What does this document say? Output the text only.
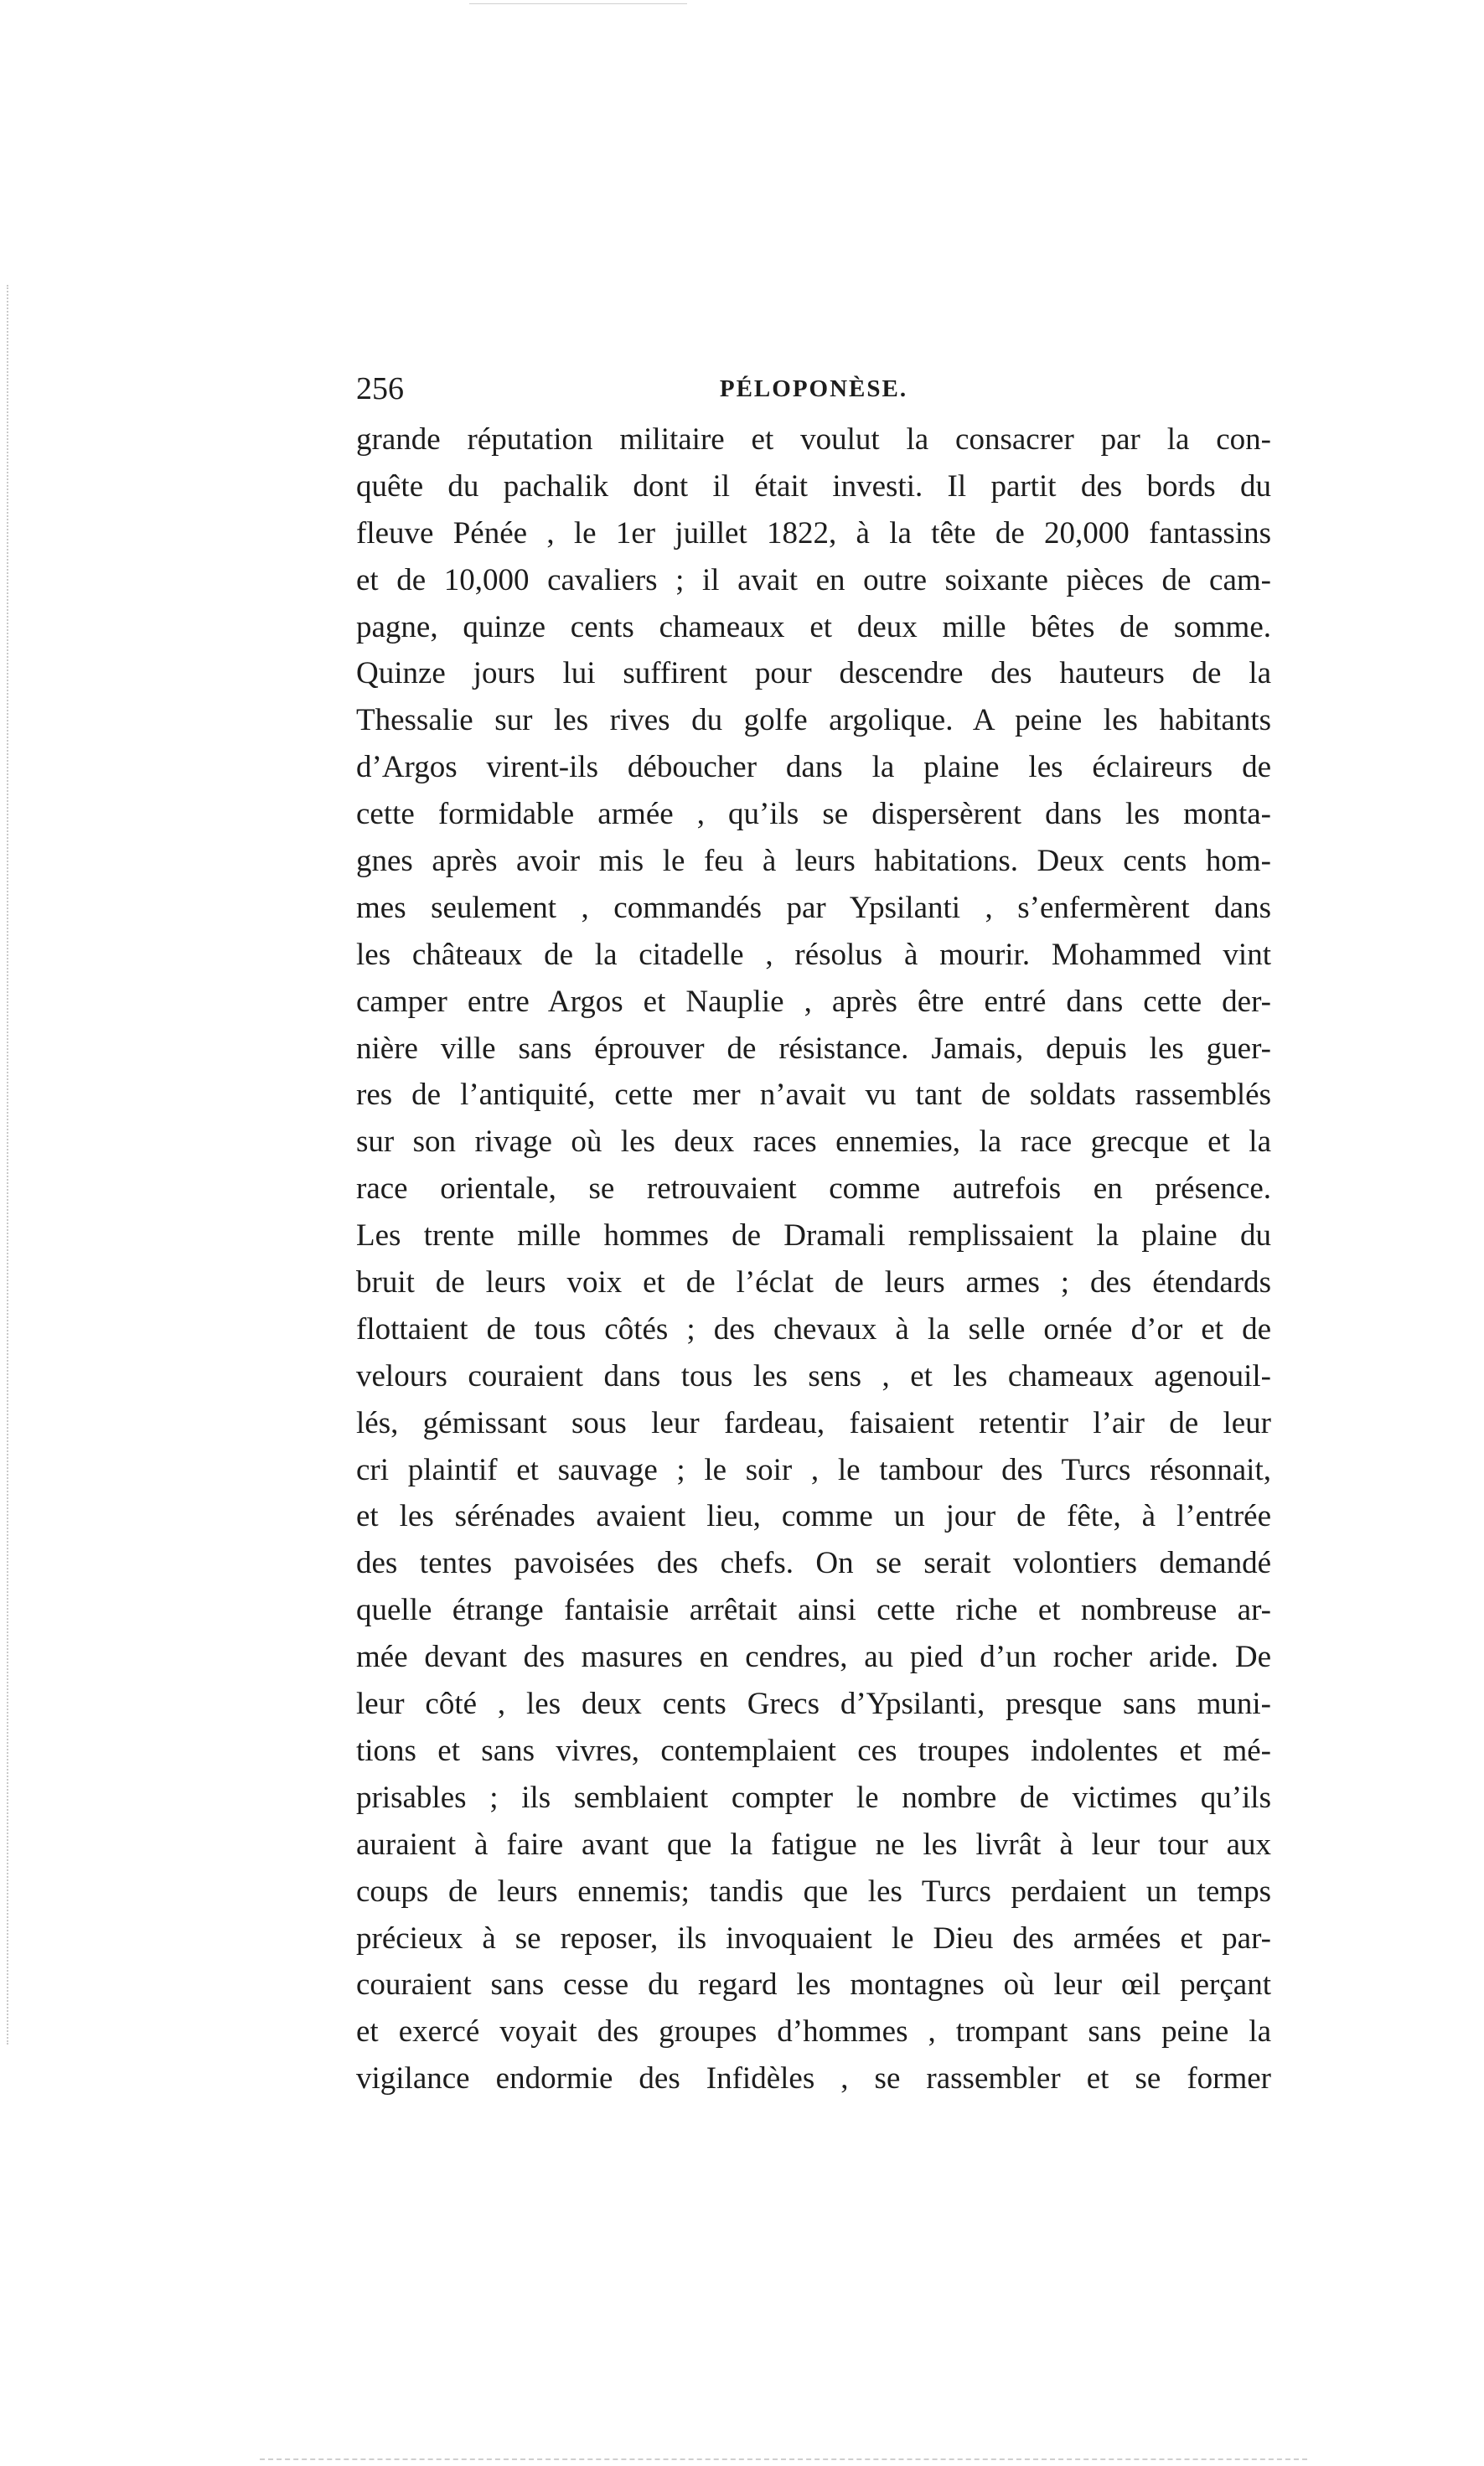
256	PÉLOPONÈSE.
grande réputation militaire et voulut la consacrer par la con-
quête du pachalik dont il était investi. Il partit des bords du
fleuve Pénée , le 1er juillet 1822, à la tête de 20,000 fantassins
et de 10,000 cavaliers ; il avait en outre soixante pièces de cam-
pagne, quinze cents chameaux et deux mille bêtes de somme.
Quinze jours lui suffirent pour descendre des hauteurs de la
Thessalie sur les rives du golfe argolique. A peine les habitants
d’Argos virent-ils déboucher dans la plaine les éclaireurs de
cette formidable armée , qu’ils se dispersèrent dans les monta-
gnes après avoir mis le feu à leurs habitations. Deux cents hom-
mes seulement , commandés par Ypsilanti , s’enfermèrent dans
les châteaux de la citadelle , résolus à mourir. Mohammed vint
camper entre Argos et Nauplie , après être entré dans cette der-
nière ville sans éprouver de résistance. Jamais, depuis les guer-
res de l’antiquité, cette mer n’avait vu tant de soldats rassemblés
sur son rivage où les deux races ennemies, la race grecque et la
race orientale, se retrouvaient comme autrefois en présence.
Les trente mille hommes de Dramali remplissaient la plaine du
bruit de leurs voix et de l’éclat de leurs armes ; des étendards
flottaient de tous côtés ; des chevaux à la selle ornée d’or et de
velours couraient dans tous les sens , et les chameaux agenouil-
lés, gémissant sous leur fardeau, faisaient retentir l’air de leur
cri plaintif et sauvage ; le soir , le tambour des Turcs résonnait,
et les sérénades avaient lieu, comme un jour de fête, à l’entrée
des tentes pavoisées des chefs. On se serait volontiers demandé
quelle étrange fantaisie arrêtait ainsi cette riche et nombreuse ar-
mée devant des masures en cendres, au pied d’un rocher aride. De
leur côté , les deux cents Grecs d’Ypsilanti, presque sans muni-
tions et sans vivres, contemplaient ces troupes indolentes et mé-
prisables ; ils semblaient compter le nombre de victimes qu’ils
auraient à faire avant que la fatigue ne les livrât à leur tour aux
coups de leurs ennemis; tandis que les Turcs perdaient un temps
précieux à se reposer, ils invoquaient le Dieu des armées et par-
couraient sans cesse du regard les montagnes où leur œil perçant
et exercé voyait des groupes d’hommes , trompant sans peine la
vigilance endormie des Infidèles , se rassembler et se former
